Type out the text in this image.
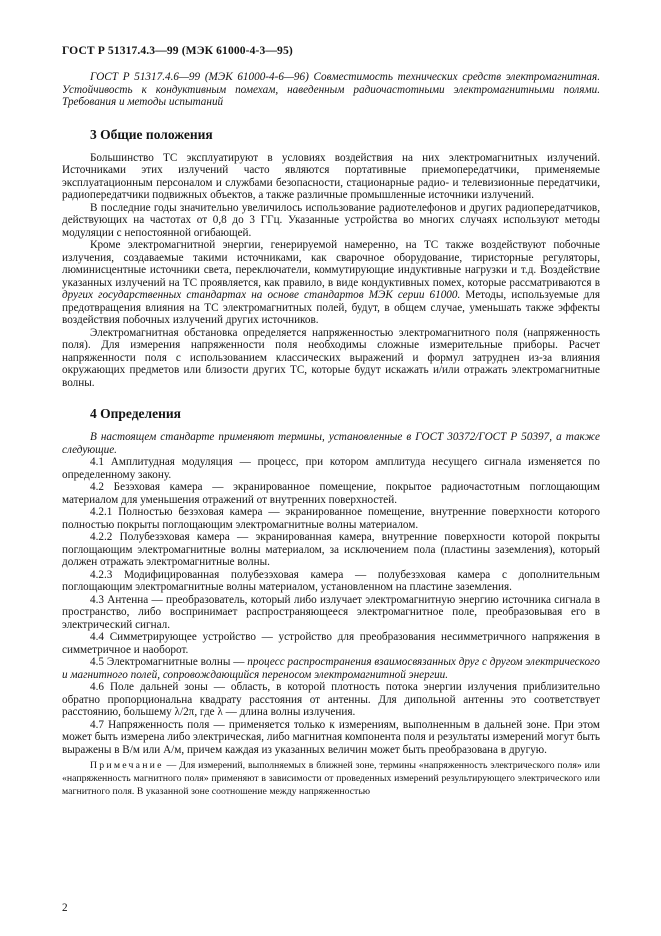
ГОСТ Р 51317.4.3—99 (МЭК 61000-4-3—95)

ГОСТ Р 51317.4.6—99 (МЭК 61000-4-6—96) Совместимость технических средств электромагнитная. Устойчивость к кондуктивным помехам, наведенным радиочастотными электромагнитными полями. Требования и методы испытаний

3 Общие положения

Большинство ТС эксплуатируют в условиях воздействия на них электромагнитных излучений. Источниками этих излучений часто являются портативные приемопередатчики, применяемые эксплуатационным персоналом и службами безопасности, стационарные радио- и телевизионные передатчики, радиопередатчики подвижных объектов, а также различные промышленные источники излучений.

В последние годы значительно увеличилось использование радиотелефонов и других радиопередатчиков, действующих на частотах от 0,8 до 3 ГГц. Указанные устройства во многих случаях используют методы модуляции с непостоянной огибающей.

Кроме электромагнитной энергии, генерируемой намеренно, на ТС также воздействуют побочные излучения, создаваемые такими источниками, как сварочное оборудование, тиристорные регуляторы, люминисцентные источники света, переключатели, коммутирующие индуктивные нагрузки и т.д. Воздействие указанных излучений на ТС проявляется, как правило, в виде кондуктивных помех, которые рассматриваются в других государственных стандартах на основе стандартов МЭК серии 61000. Методы, используемые для предотвращения влияния на ТС электромагнитных полей, будут, в общем случае, уменьшать также эффекты воздействия побочных излучений других источников.

Электромагнитная обстановка определяется напряженностью электромагнитного поля (напряженность поля). Для измерения напряженности поля необходимы сложные измерительные приборы. Расчет напряженности поля с использованием классических выражений и формул затруднен из-за влияния окружающих предметов или близости других ТС, которые будут искажать и/или отражать электромагнитные волны.

4 Определения

В настоящем стандарте применяют термины, установленные в ГОСТ 30372/ГОСТ Р 50397, а также следующие.

4.1 Амплитудная модуляция — процесс, при котором амплитуда несущего сигнала изменяется по определенному закону.

4.2 Безэховая камера — экранированное помещение, покрытое радиочастотным поглощающим материалом для уменьшения отражений от внутренних поверхностей.

4.2.1 Полностью безэховая камера — экранированное помещение, внутренние поверхности которого полностью покрыты поглощающим электромагнитные волны материалом.

4.2.2 Полубезэховая камера — экранированная камера, внутренние поверхности которой покрыты поглощающим электромагнитные волны материалом, за исключением пола (пластины заземления), который должен отражать электромагнитные волны.

4.2.3 Модифицированная полубезэховая камера — полубезэховая камера с дополнительным поглощающим электромагнитные волны материалом, установленном на пластине заземления.

4.3 Антенна — преобразователь, который либо излучает электромагнитную энергию источника сигнала в пространство, либо воспринимает распространяющееся электромагнитное поле, преобразовывая его в электрический сигнал.

4.4 Симметрирующее устройство — устройство для преобразования несимметричного напряжения в симметричное и наоборот.

4.5 Электромагнитные волны — процесс распространения взаимосвязанных друг с другом электрического и магнитного полей, сопровождающийся переносом электромагнитной энергии.

4.6 Поле дальней зоны — область, в которой плотность потока энергии излучения приблизительно обратно пропорциональна квадрату расстояния от антенны. Для дипольной антенны это соответствует расстоянию, большему λ/2π, где λ — длина волны излучения.

4.7 Напряженность поля — применяется только к измерениям, выполненным в дальней зоне. При этом может быть измерена либо электрическая, либо магнитная компонента поля и результаты измерений могут быть выражены в В/м или А/м, причем каждая из указанных величин может быть преобразована в другую.

Примечание — Для измерений, выполняемых в ближней зоне, термины «напряженность электрического поля» или «напряженность магнитного поля» применяют в зависимости от проведенных измерений результирующего электрического или магнитного поля. В указанной зоне соотношение между напряженностью

2
